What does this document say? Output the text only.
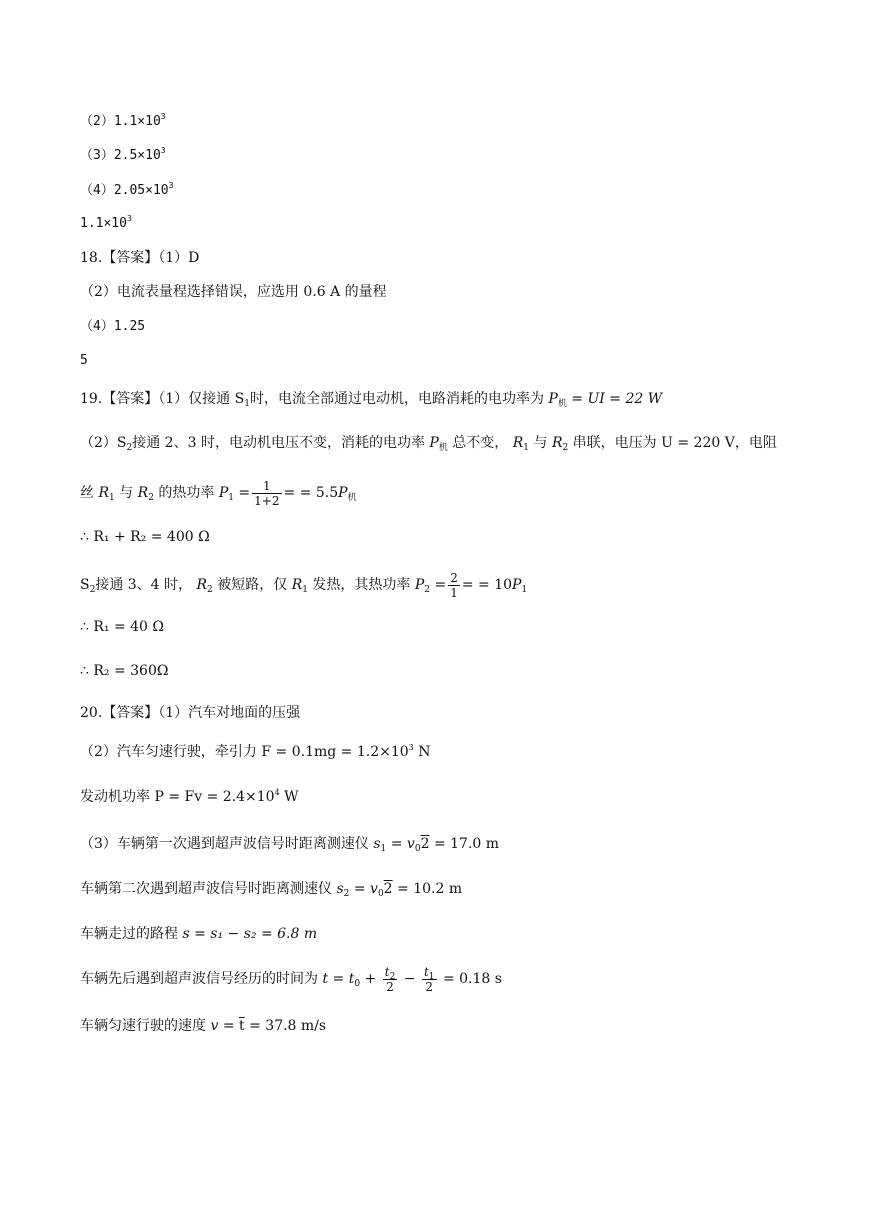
$(2)1.1\times 10^3$
$(3)2.5\times 10^3$
$(4)2.05\times 10^3$
$1.1\times 10^3$
18.【答案】（1）D
（2）电流表量程选择错误，应选用 0.6 A 的量程
（4）1.25
5
19.【答案】（1）仅接通 $S_1$时，电流全部通过电动机，电路消耗的电功率为 $P_机$ = UI = 22 W
$(2)S_2$接通 2、3 时，电动机电压不变，消耗的电功率 $P_机$ 总不变， $R_1$ 与 $R_2$ 串联，电压为 U = 220 V，电阻
丝 $R_1$ 与 $R_2$ 的热功率 $P_1 = \frac{1}{1+2}$ = = $5.5P_机$
∴ R₁ + R₂ = 400 Ω
$S_2$接通 3、4 时， $R_2$ 被短路，仅 $R_1$ 发热，其热功率 $P_2 = \frac{2}{1}$ = = $10P_1$
∴ R₁ = 40 Ω
∴ R₂ = 360Ω
20.【答案】（1）汽车对地面的压强
（2）汽车匀速行驶，牵引力 $F = 0.1mg = 1.2\times 10^3$ N
发动机功率 $P = Fv = 2.4\times 10^4$ W
（3）车辆第一次遇到超声波信号时距离测速仪 $s_1 = v_02 = 17.0$ m
车辆第二次遇到超声波信号时距离测速仪 $s_2 = v_02 = 10.2$ m
车辆走过的路程 s = s₁ − s₂ = 6.8 m
车辆先后遇到超声波信号经历的时间为 $t = t_0 + \frac{t_2}{2} - \frac{t_1}{2} = 0.18$ s
车辆匀速行驶的速度 $v = \overline{t} = 37.8$ m/s
